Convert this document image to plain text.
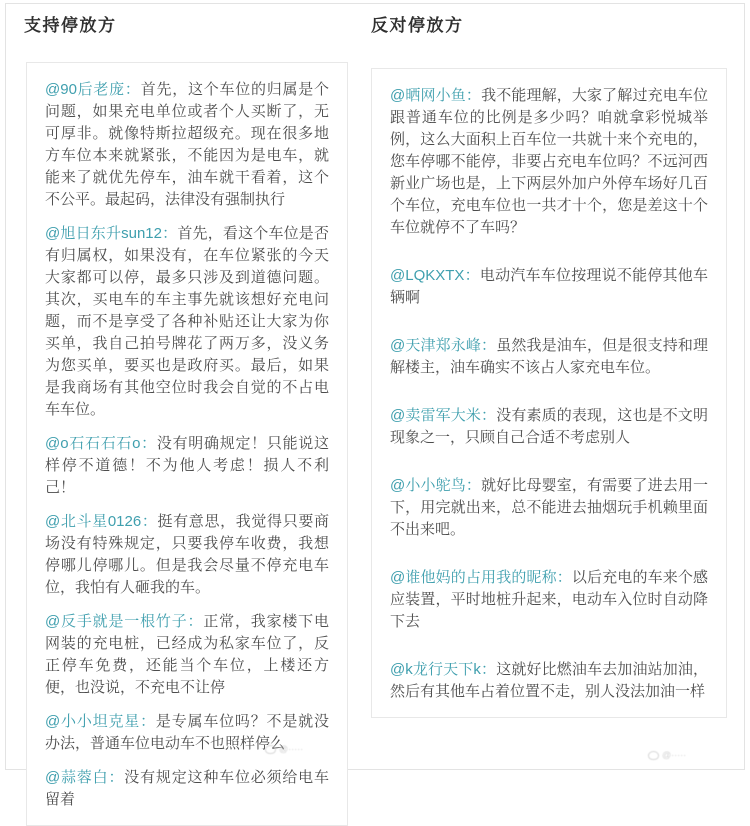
支持停放方	反对停放方

@90后老庞：首先，这个车位的归属是个问题，如果充电单位或者个人买断了，无可厚非。就像特斯拉超级充。现在很多地方车位本来就紧张，不能因为是电车，就能来了就优先停车，油车就干看着，这个不公平。最起码，法律没有强制执行

@旭日东升sun12：首先，看这个车位是否有归属权，如果没有，在车位紧张的今天大家都可以停，最多只涉及到道德问题。其次，买电车的车主事先就该想好充电问题，而不是享受了各种补贴还让大家为你买单，我自己拍号牌花了两万多，没义务为您买单，要买也是政府买。最后，如果是我商场有其他空位时我会自觉的不占电车车位。

@o石石石石o：没有明确规定！只能说这样停不道德！不为他人考虑！损人不利己！

@北斗星0126：挺有意思，我觉得只要商场没有特殊规定，只要我停车收费，我想停哪儿停哪儿。但是我会尽量不停充电车位，我怕有人砸我的车。

@反手就是一根竹子：正常，我家楼下电网装的充电桩，已经成为私家车位了，反正停车免费，还能当个车位，上楼还方便，也没说，不充电不让停

@小小坦克星：是专属车位吗？不是就没办法，普通车位电动车不也照样停么

@蒜蓉白：没有规定这种车位必须给电车留着

@晒网小鱼：我不能理解，大家了解过充电车位跟普通车位的比例是多少吗？咱就拿彩悦城举例，这么大面积上百车位一共就十来个充电的，您车停哪不能停，非要占充电车位吗？不远河西新业广场也是，上下两层外加户外停车场好几百个车位，充电车位也一共才十个，您是差这十个车位就停不了车吗？

@LQKXTX：电动汽车车位按理说不能停其他车辆啊

@天津郑永峰：虽然我是油车，但是很支持和理解楼主，油车确实不该占人家充电车位。

@卖雷军大米：没有素质的表现，这也是不文明现象之一，只顾自己合适不考虑别人

@小小鸵鸟：就好比母婴室，有需要了进去用一下，用完就出来，总不能进去抽烟玩手机赖里面不出来吧。

@谁他妈的占用我的昵称：以后充电的车来个感应装置，平时地桩升起来，电动车入位时自动降下去

@k龙行天下k：这就好比燃油车去加油站加油，然后有其他车占着位置不走，别人没法加油一样

@·····
@·····
